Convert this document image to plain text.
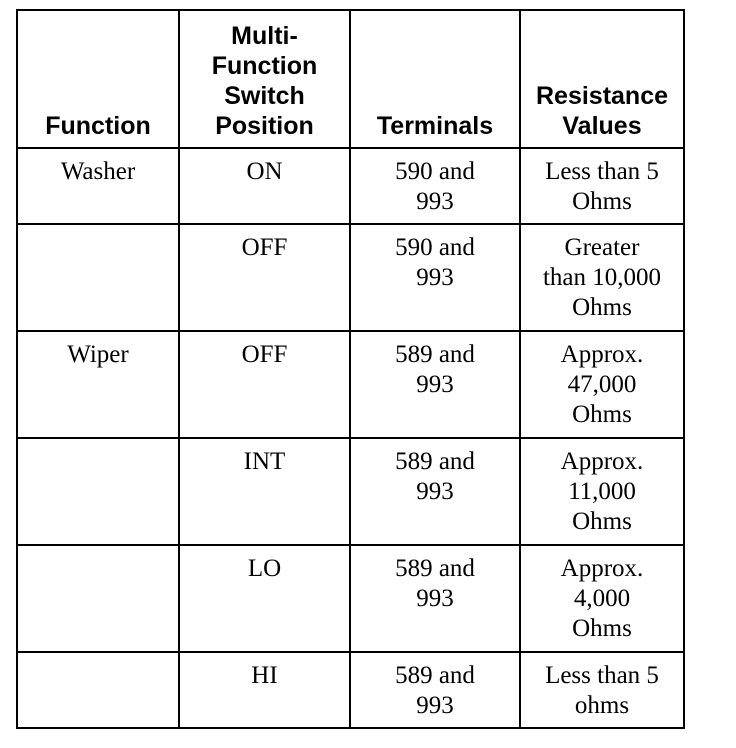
Function	Multi-
Function
Switch
Position	Terminals	Resistance
Values

Washer	ON	590 and
993	Less than 5
Ohms

	OFF	590 and
993	Greater
than 10,000
Ohms

Wiper	OFF	589 and
993	Approx.
47,000
Ohms

	INT	589 and
993	Approx.
11,000
Ohms

	LO	589 and
993	Approx.
4,000
Ohms

	HI	589 and
993	Less than 5
ohms
